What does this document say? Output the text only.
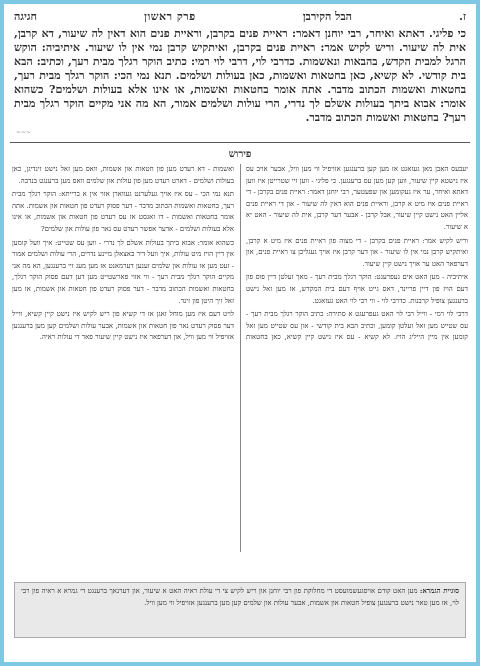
ז.
הבל הקירבן
פרק ראשון
חגיגה
כי פליגי. דאתא ואיחר, רבי יוחנן דאמר: ראיית פנים בקרבן, וראיית פנים הוא דאין לה שיעור, דא קרבן, אית לה שיעור. וריש לקיש אמר: ראיית פנים בקרבן, ואיתקיש קרבן נמי אין לו שיעור. איתיביה: הוקש הרגל למבית הקדש, בהבאות ונאשמות. כדרבי לוי, דרבי לוי רמי: כתיב הוקר רגלך מבית רעך, וכתיב: הבא בית קודשי. לא קשיא, כאן בחטאות ואשמות, כאן בעולות ושלמים. תנא נמי הכי: הוקר רגלך מבית רעך, בחטאות ואשמות הכתוב מדבר. אתה אומר בחטאות ואשמות, או אינו אלא בעולות ושלמים? כשהוא אומר: אבוא ביתך בעולות אשלם לך נדרי, הרי עולות ושלמים אמור, הא מה אני מקיים הוקר רגלך מבית רעך? בחטאות ואשמות הכתוב מדבר.
~~~
פירוש

יעבעס האבן מאן געזאגט אז מען קען ברענגען אזויפיל ווי מען וויל, אבער אויב עס איז נישטא קיין שיעור, ווען קען מען עס ברענגען. כי פליגי - ווען זיי שטרייטן איז ווען דאתא ואיחר, ער איז געקומען און שפעטער, רבי יוחנן דאמר: ראיית פנים בקרבן - די ראיית פנים איז מיט א קרבן, וראיית פנים הוא דאין לה שיעור - און די ראיית פנים אליין האט נישט קיין שיעור, אבל קרבן - אבער דער קרבן, אית לה שיעור - האט יא א שיעור.

וריש לקיש אמר: ראיית פנים בקרבן - די מצוה פון ראיית פנים איז מיט א קרבן, ואיתקיש קרבן נמי אין לו שיעור - און דער קרבן איז אויך געגליכן צו ראיית פנים, און דערפאר האט ער אויך נישט קיין שיעור.

איתיביה - מען האט אים געפרעגט: הוקר רגלך מבית רעך - מאך זעלטן דיין פוס פון דעם הויז פון דיין פריינד, דאס גייט אויף דעם בית המקדש, אז מען זאל נישט ברענגען צופיל קרבנות. כדרבי לוי - ווי רבי לוי האט געזאגט.

דרבי לוי רמי - ווייל רבי לוי האט געפרעגט א סתירה: כתיב הוקר רגלך מבית רעך - עס שטייט מען זאל זעלטן קומען, וכתיב הבא בית קודשי - און עס שטייט מען זאל קומען אין מיין הייליג הויז. לא קשיא - עס איז נישט קיין קשיא, כאן בחטאות ואשמות - דא רעדט מען פון חטאות און אשמות, וואס מען זאל נישט זינדיגן, כאן בעולות ושלמים - דארט רעדט מען פון עולות און שלמים וואס מען ברענגט בנדבה.

תנא נמי הכי - עס איז אויך געלערנט געווארן אזוי אין א ברייתא: הוקר רגלך מבית רעך, בחטאות ואשמות הכתוב מדבר - דער פסוק רעדט פון חטאות און אשמות. אתה אומר בחטאות ואשמות - דו זאגסט אז עס רעדט פון חטאות און אשמות, או אינו אלא בעולות ושלמים - אדער אפשר רעדט עס נאר פון עולות און שלמים?

כשהוא אומר: אבוא ביתך בעולות אשלם לך נדרי - ווען עס שטייט: איך וועל קומען אין דיין הויז מיט עולות, איך וועל דיר באצאלן מיינע נדרים, הרי עולות ושלמים אמור - זעט מען אז עולות און שלמים זענען דערמאנט אז מען מעג זיי ברענגען, הא מה אני מקיים הוקר רגלך מבית רעך - ווי אזוי פארשטייט מען דען דעם פסוק הוקר רגלך, בחטאות ואשמות הכתוב מדבר - דער פסוק רעדט פון חטאות און אשמות, אז מען זאל זיך היטן פון זינד.

לויט דעם איז מען מוחל זאגן אז די קשיא פון ריש לקיש איז נישט קיין קשיא, ווייל דער פסוק רעדט נאר פון חטאות און אשמות, אבער עולות ושלמים קען מען ברענגען אזויפיל ווי מען וויל, און דערפאר איז נישט קיין שיעור פאר די עולות ראיה.

סוגיית הגמרא: מען האט קודם אויסגעשמועסט די מחלוקת פון רבי יוחנן און ריש לקיש צי די עולת ראיה האט א שיעור, און דערנאך ברענגט די גמרא א ראיה פון רבי לוי, אז מען טאר נישט ברענגען צופיל חטאות און אשמות, אבער עולות און שלמים קען מען ברענגען אזויפיל ווי מען וויל.
